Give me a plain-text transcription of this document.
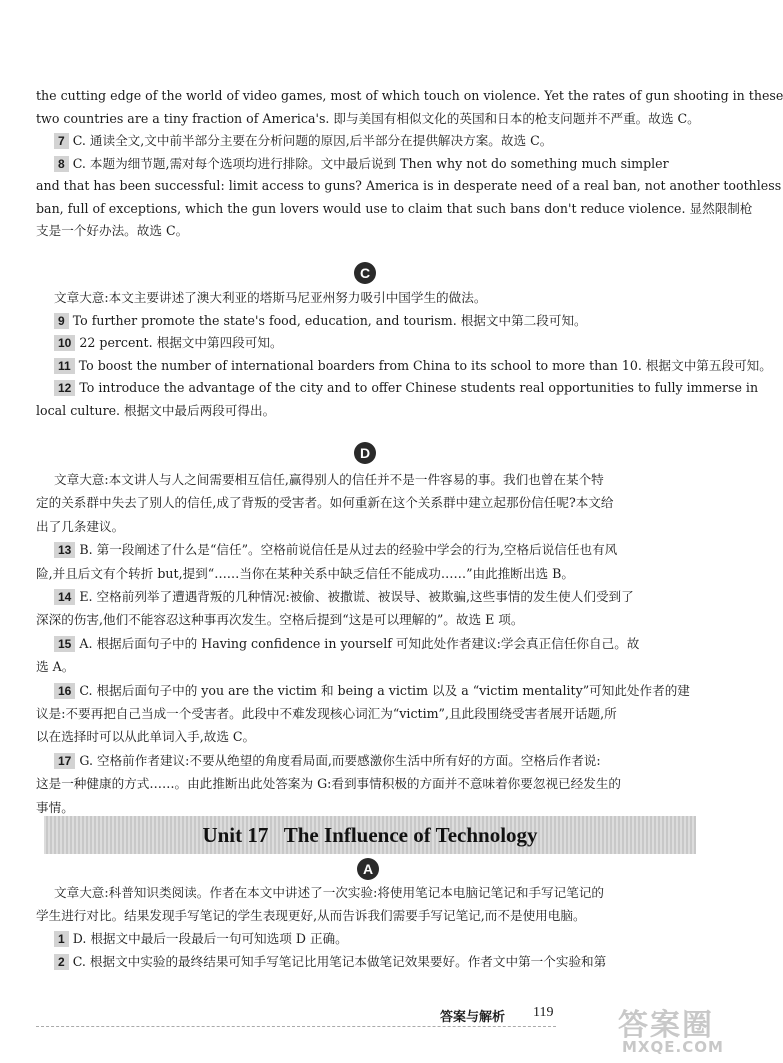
the cutting edge of the world of video games, most of which touch on violence. Yet the rates of gun shooting in these
two countries are a tiny fraction of America's. 即与美国有相似文化的英国和日本的枪支问题并不严重。故选 C。
7 C. 通读全文,文中前半部分主要在分析问题的原因,后半部分在提供解决方案。故选 C。
8 C. 本题为细节题,需对每个选项均进行排除。文中最后说到 Then why not do something much simpler
and that has been successful: limit access to guns? America is in desperate need of a real ban, not another toothless
ban, full of exceptions, which the gun lovers would use to claim that such bans don't reduce violence. 显然限制枪
支是一个好办法。故选 C。
C
文章大意:本文主要讲述了澳大利亚的塔斯马尼亚州努力吸引中国学生的做法。
9 To further promote the state's food, education, and tourism. 根据文中第二段可知。
10 22 percent. 根据文中第四段可知。
11 To boost the number of international boarders from China to its school to more than 10. 根据文中第五段可知。
12 To introduce the advantage of the city and to offer Chinese students real opportunities to fully immerse in
local culture. 根据文中最后两段可得出。
D
文章大意:本文讲人与人之间需要相互信任,赢得别人的信任并不是一件容易的事。我们也曾在某个特
定的关系群中失去了别人的信任,成了背叛的受害者。如何重新在这个关系群中建立起那份信任呢?本文给
出了几条建议。
13 B. 第一段阐述了什么是“信任”。空格前说信任是从过去的经验中学会的行为,空格后说信任也有风
险,并且后文有个转折 but,提到“……当你在某种关系中缺乏信任不能成功……”由此推断出选 B。
14 E. 空格前列举了遭遇背叛的几种情况:被偷、被撒谎、被误导、被欺骗,这些事情的发生使人们受到了
深深的伤害,他们不能容忍这种事再次发生。空格后提到“这是可以理解的”。故选 E 项。
15 A. 根据后面句子中的 Having confidence in yourself 可知此处作者建议:学会真正信任你自己。故
选 A。
16 C. 根据后面句子中的 you are the victim 和 being a victim 以及 a “victim mentality”可知此处作者的建
议是:不要再把自己当成一个受害者。此段中不难发现核心词汇为“victim”,且此段围绕受害者展开话题,所
以在选择时可以从此单词入手,故选 C。
17 G. 空格前作者建议:不要从绝望的角度看局面,而要感激你生活中所有好的方面。空格后作者说:
这是一种健康的方式……。由此推断出此处答案为 G:看到事情积极的方面并不意味着你要忽视已经发生的
事情。
Unit 17   The Influence of Technology
A
文章大意:科普知识类阅读。作者在本文中讲述了一次实验:将使用笔记本电脑记笔记和手写记笔记的
学生进行对比。结果发现手写笔记的学生表现更好,从而告诉我们需要手写记笔记,而不是使用电脑。
1 D. 根据文中最后一段最后一句可知选项 D 正确。
2 C. 根据文中实验的最终结果可知手写笔记比用笔记本做笔记效果要好。作者文中第一个实验和第
答案与解析 119 答案圈
MXQE.COM
